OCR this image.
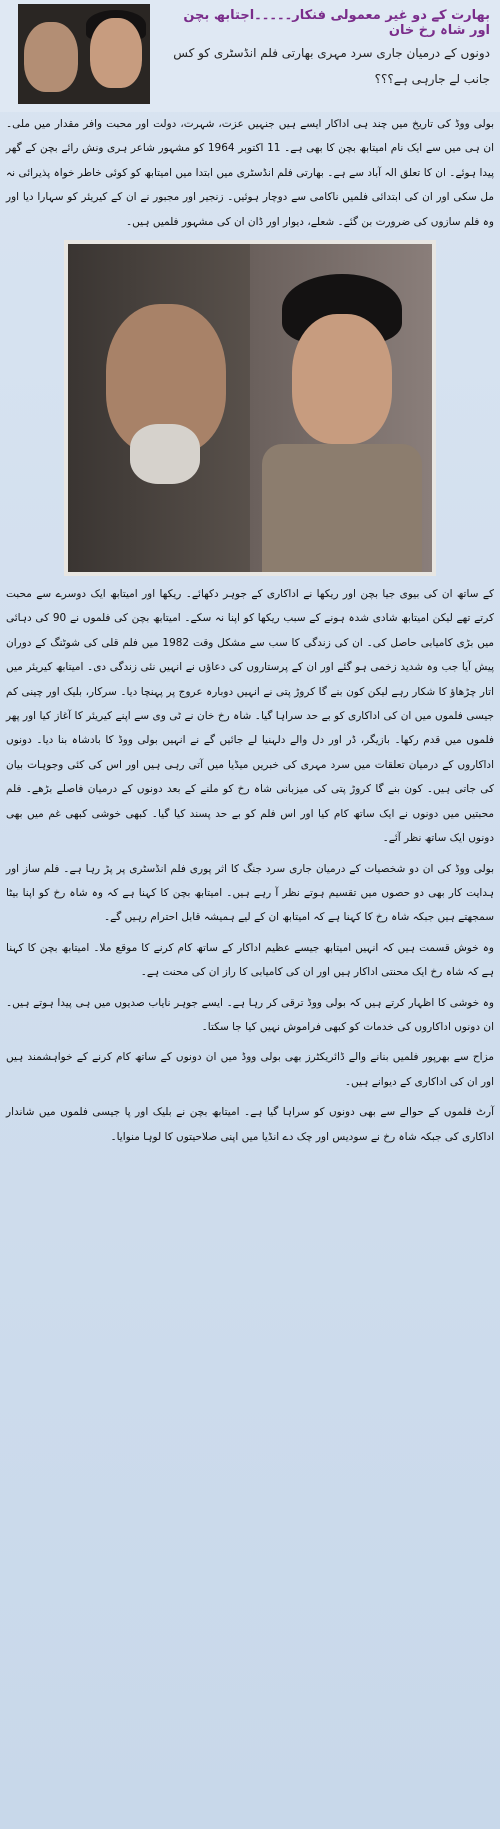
بھارت کے دو غیر معمولی فنکار۔۔۔۔۔اجتابھ بچن اور شاہ رخ خان
دونوں کے درمیان جاری سرد مہری بھارتی فلم انڈسٹری کو کس جانب لے جارہی ہے؟؟؟

بولی ووڈ کی تاریخ میں چند ہی اداکار ایسے ہیں جنہیں عزت، شہرت، دولت اور محبت وافر مقدار میں ملی۔ ان ہی میں سے ایک نام امیتابھ بچن کا بھی ہے۔ 11 اکتوبر 1964 کو مشہور شاعر ہری ونش رائے بچن کے گھر پیدا ہوئے۔ ان کا تعلق الہ آباد سے ہے۔ بھارتی فلم انڈسٹری میں ابتدا میں امیتابھ کو کوئی خاطر خواہ پذیرائی نہ مل سکی اور ان کی ابتدائی فلمیں ناکامی سے دوچار ہوئیں۔ زنجیر اور مجبور نے ان کے کیریئر کو سہارا دیا اور وہ فلم سازوں کی ضرورت بن گئے۔ شعلے، دیوار اور ڈان ان کی مشہور فلمیں ہیں۔

کے ساتھ ان کی بیوی جیا بچن اور ریکھا نے اداکاری کے جوہر دکھائے۔ ریکھا اور امیتابھ ایک دوسرے سے محبت کرتے تھے لیکن امیتابھ شادی شدہ ہونے کے سبب ریکھا کو اپنا نہ سکے۔ امیتابھ بچن کی فلموں نے 90 کی دہائی میں بڑی کامیابی حاصل کی۔ ان کی زندگی کا سب سے مشکل وقت 1982 میں فلم قلی کی شوٹنگ کے دوران پیش آیا جب وہ شدید زخمی ہو گئے اور ان کے پرستاروں کی دعاؤں نے انہیں نئی زندگی دی۔ امیتابھ کیریئر میں اتار چڑھاؤ کا شکار رہے لیکن کون بنے گا کروڑ پتی نے انہیں دوبارہ عروج پر پہنچا دیا۔ سرکار، بلیک اور چینی کم جیسی فلموں میں ان کی اداکاری کو بے حد سراہا گیا۔ شاہ رخ خان نے ٹی وی سے اپنے کیریئر کا آغاز کیا اور پھر فلموں میں قدم رکھا۔ بازیگر، ڈر اور دل والے دلہنیا لے جائیں گے نے انہیں بولی ووڈ کا بادشاہ بنا دیا۔ دونوں اداکاروں کے درمیان تعلقات میں سرد مہری کی خبریں میڈیا میں آتی رہی ہیں اور اس کی کئی وجوہات بیان کی جاتی ہیں۔ کون بنے گا کروڑ پتی کی میزبانی شاہ رخ کو ملنے کے بعد دونوں کے درمیان فاصلے بڑھے۔ فلم محبتیں میں دونوں نے ایک ساتھ کام کیا اور اس فلم کو بے حد پسند کیا گیا۔ کبھی خوشی کبھی غم میں بھی دونوں ایک ساتھ نظر آئے۔

بولی ووڈ کی ان دو شخصیات کے درمیان جاری سرد جنگ کا اثر پوری فلم انڈسٹری پر پڑ رہا ہے۔ فلم ساز اور ہدایت کار بھی دو حصوں میں تقسیم ہوتے نظر آ رہے ہیں۔ امیتابھ بچن کا کہنا ہے کہ وہ شاہ رخ کو اپنا بیٹا سمجھتے ہیں جبکہ شاہ رخ کا کہنا ہے کہ امیتابھ ان کے لیے ہمیشہ قابل احترام رہیں گے۔

وہ خوش قسمت ہیں کہ انہیں امیتابھ جیسے عظیم اداکار کے ساتھ کام کرنے کا موقع ملا۔ امیتابھ بچن کا کہنا ہے کہ شاہ رخ ایک محنتی اداکار ہیں اور ان کی کامیابی کا راز ان کی محنت ہے۔

وہ خوشی کا اظہار کرتے ہیں کہ بولی ووڈ ترقی کر رہا ہے۔ ایسے جوہر نایاب صدیوں میں ہی پیدا ہوتے ہیں۔ ان دونوں اداکاروں کی خدمات کو کبھی فراموش نہیں کیا جا سکتا۔

مزاح سے بھرپور فلمیں بنانے والے ڈائریکٹرز بھی بولی ووڈ میں ان دونوں کے ساتھ کام کرنے کے خواہشمند ہیں اور ان کی اداکاری کے دیوانے ہیں۔

آرٹ فلموں کے حوالے سے بھی دونوں کو سراہا گیا ہے۔ امیتابھ بچن نے بلیک اور پا جیسی فلموں میں شاندار اداکاری کی جبکہ شاہ رخ نے سودیس اور چک دے انڈیا میں اپنی صلاحیتوں کا لوہا منوایا۔
